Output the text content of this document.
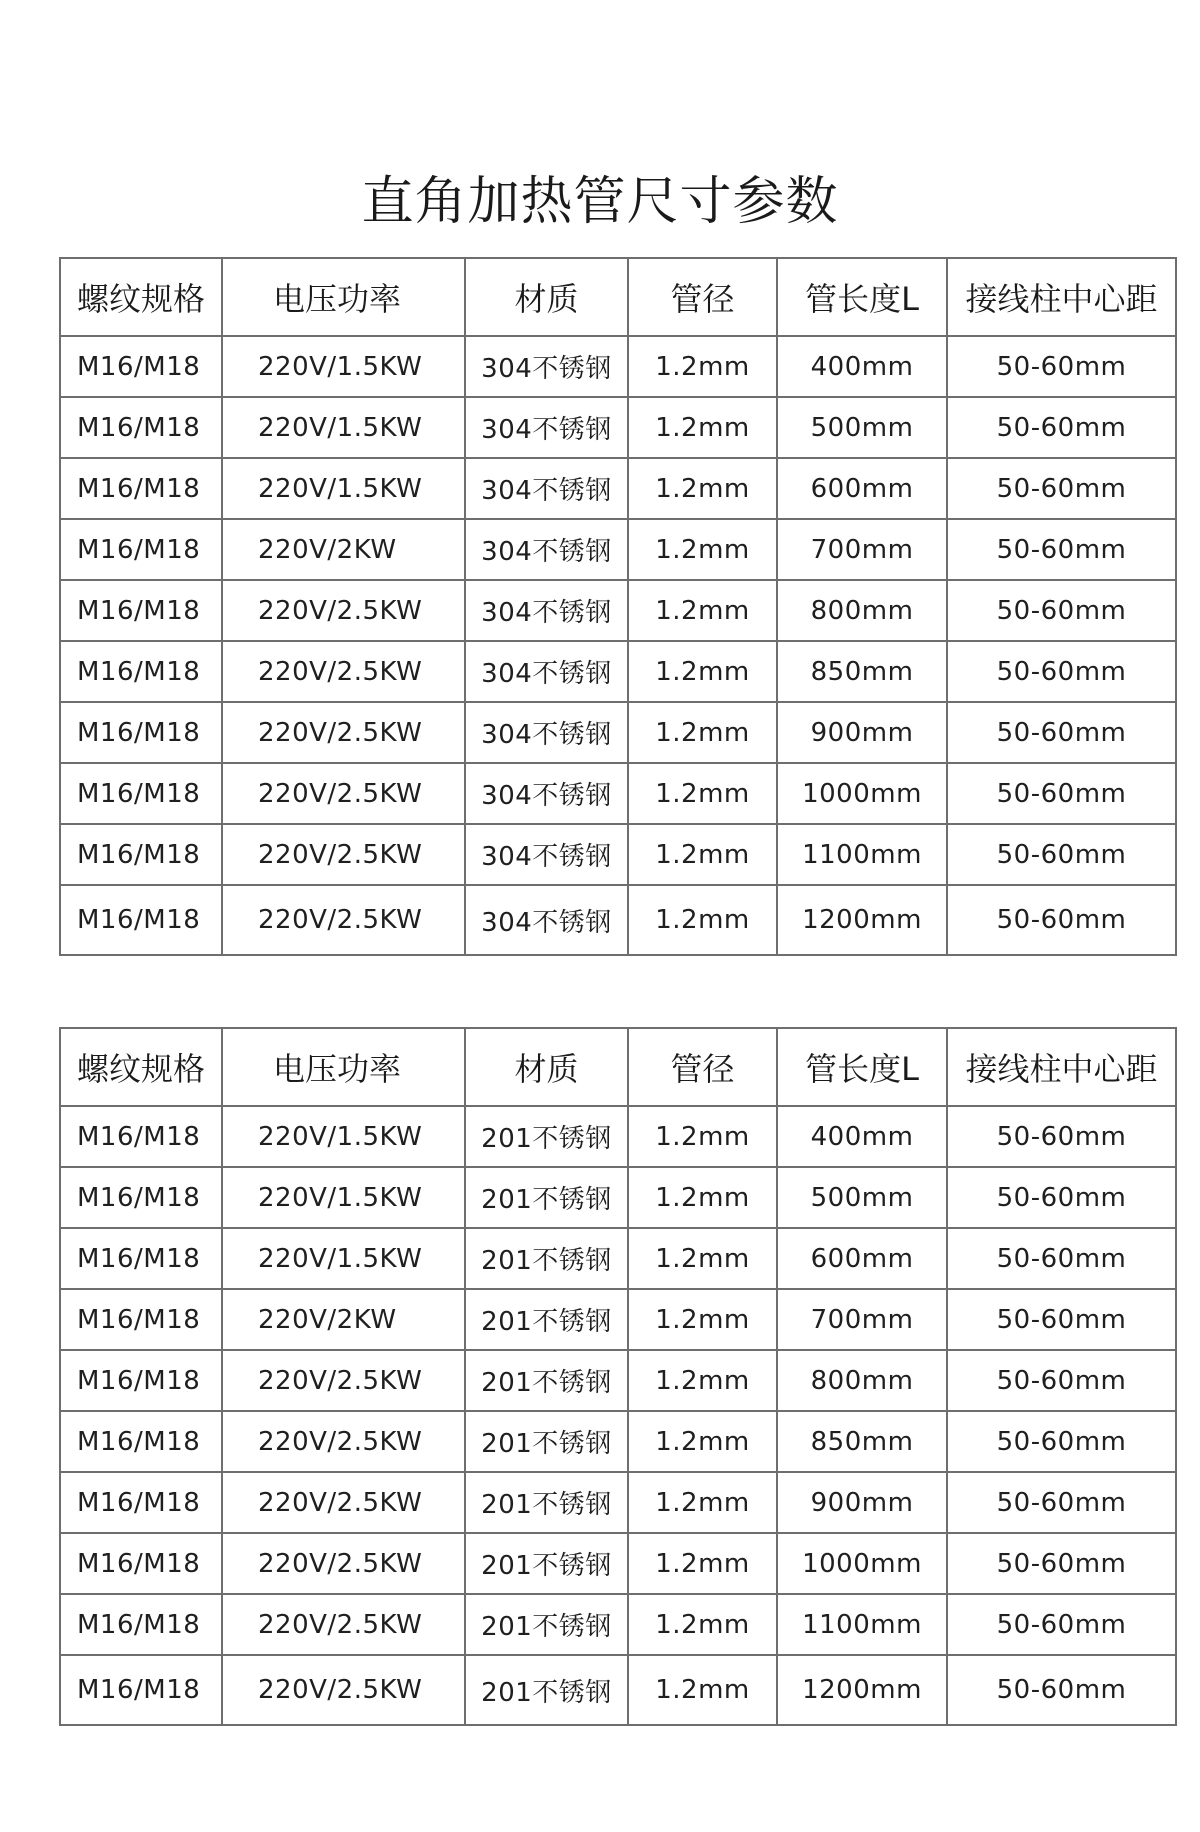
直角加热管尺寸参数
螺纹规格	电压功率	材质	管径	管长度L	接线柱中心距
M16/M18	220V/1.5KW	304不锈钢	1.2mm	400mm	50-60mm
M16/M18	220V/1.5KW	304不锈钢	1.2mm	500mm	50-60mm
M16/M18	220V/1.5KW	304不锈钢	1.2mm	600mm	50-60mm
M16/M18	220V/2KW	304不锈钢	1.2mm	700mm	50-60mm
M16/M18	220V/2.5KW	304不锈钢	1.2mm	800mm	50-60mm
M16/M18	220V/2.5KW	304不锈钢	1.2mm	850mm	50-60mm
M16/M18	220V/2.5KW	304不锈钢	1.2mm	900mm	50-60mm
M16/M18	220V/2.5KW	304不锈钢	1.2mm	1000mm	50-60mm
M16/M18	220V/2.5KW	304不锈钢	1.2mm	1100mm	50-60mm
M16/M18	220V/2.5KW	304不锈钢	1.2mm	1200mm	50-60mm
螺纹规格	电压功率	材质	管径	管长度L	接线柱中心距
M16/M18	220V/1.5KW	201不锈钢	1.2mm	400mm	50-60mm
M16/M18	220V/1.5KW	201不锈钢	1.2mm	500mm	50-60mm
M16/M18	220V/1.5KW	201不锈钢	1.2mm	600mm	50-60mm
M16/M18	220V/2KW	201不锈钢	1.2mm	700mm	50-60mm
M16/M18	220V/2.5KW	201不锈钢	1.2mm	800mm	50-60mm
M16/M18	220V/2.5KW	201不锈钢	1.2mm	850mm	50-60mm
M16/M18	220V/2.5KW	201不锈钢	1.2mm	900mm	50-60mm
M16/M18	220V/2.5KW	201不锈钢	1.2mm	1000mm	50-60mm
M16/M18	220V/2.5KW	201不锈钢	1.2mm	1100mm	50-60mm
M16/M18	220V/2.5KW	201不锈钢	1.2mm	1200mm	50-60mm
